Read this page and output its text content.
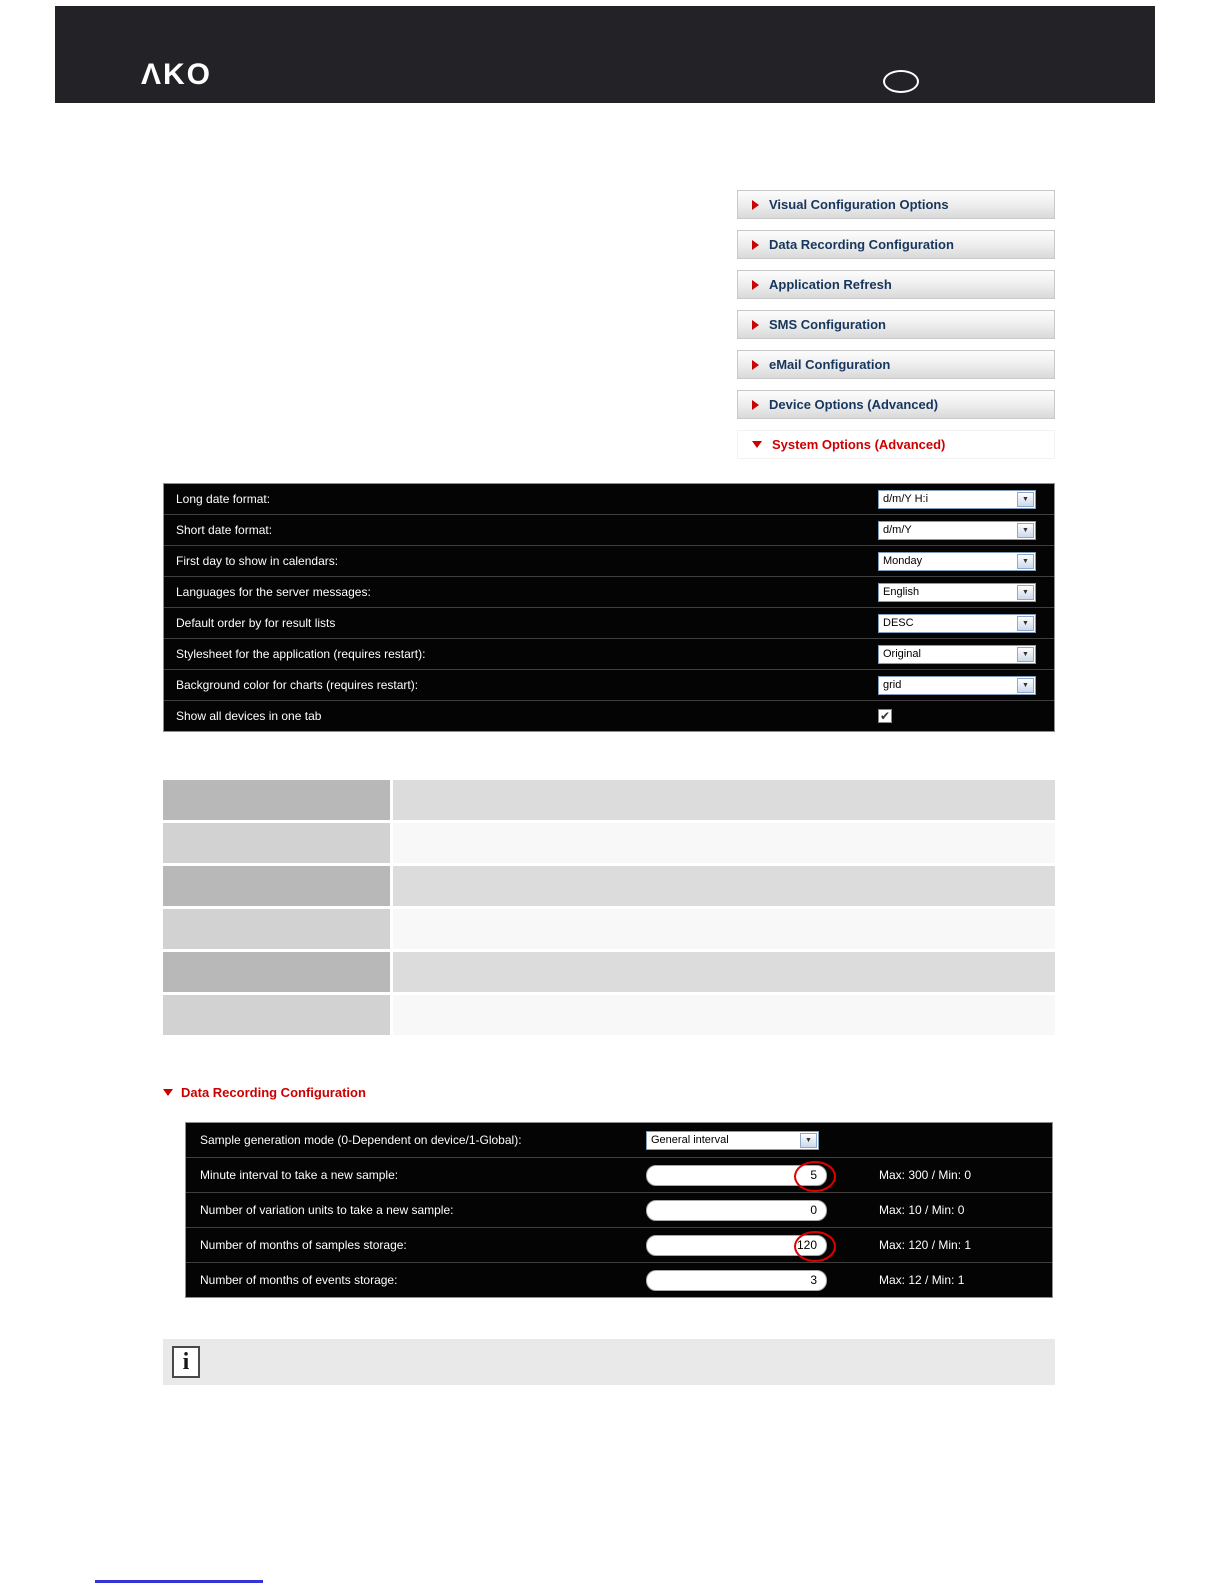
ΛKO
Visual Configuration Options
Data Recording Configuration
Application Refresh
SMS Configuration
eMail Configuration
Device Options (Advanced)
System Options (Advanced)
Long date format:	d/m/Y H:i	▼
Short date format:	d/m/Y	▼
First day to show in calendars:	Monday	▼
Languages for the server messages:	English	▼
Default order by for result lists	DESC	▼
Stylesheet for the application (requires restart):	Original	▼
Background color for charts (requires restart):	grid	▼
Show all devices in one tab	✔
Data Recording Configuration
Sample generation mode (0-Dependent on device/1-Global):	General interval	▼
Minute interval to take a new sample:	5	Max: 300 / Min: 0
Number of variation units to take a new sample:	0	Max: 10 / Min: 0
Number of months of samples storage:	120	Max: 120 / Min: 1
Number of months of events storage:	3	Max: 12 / Min: 1
i
